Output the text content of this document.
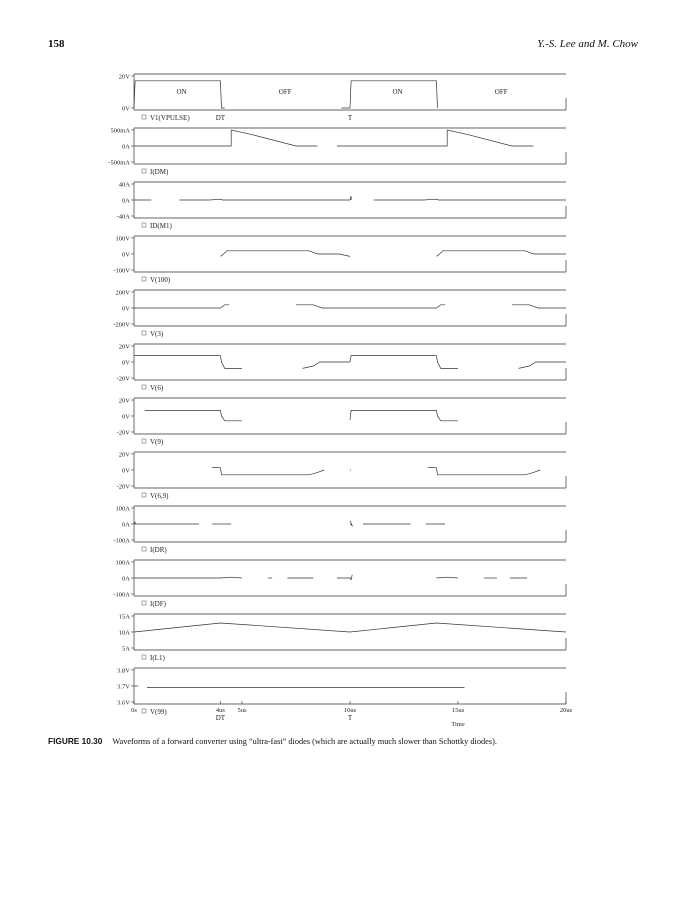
158	Y.-S. Lee and M. Chow
0V
20V
V1(VPULSE)
ON	OFF	ON	OFF
DT	T
-500mA
0A
500mA
I(DM)
-40A
0A
40A
ID(M1)
-100V
0V
100V
V(100)
-200V
0V
200V
V(3)
-20V
0V
20V
V(6)
-20V
0V
20V
V(9)
-20V
0V
20V
V(6,9)
-100A
0A
100A
I(DR)
-100A
0A
100A
I(DF)
5A
10A
15A
I(L1)
3.6V
3.7V
3.8V
V(99)
0s	4us 5us	10us	15us	20us
DT	T
Time
FIGURE 10.30 Waveforms of a forward converter using “ultra-fast” diodes (which are actually much slower than Schottky diodes).
